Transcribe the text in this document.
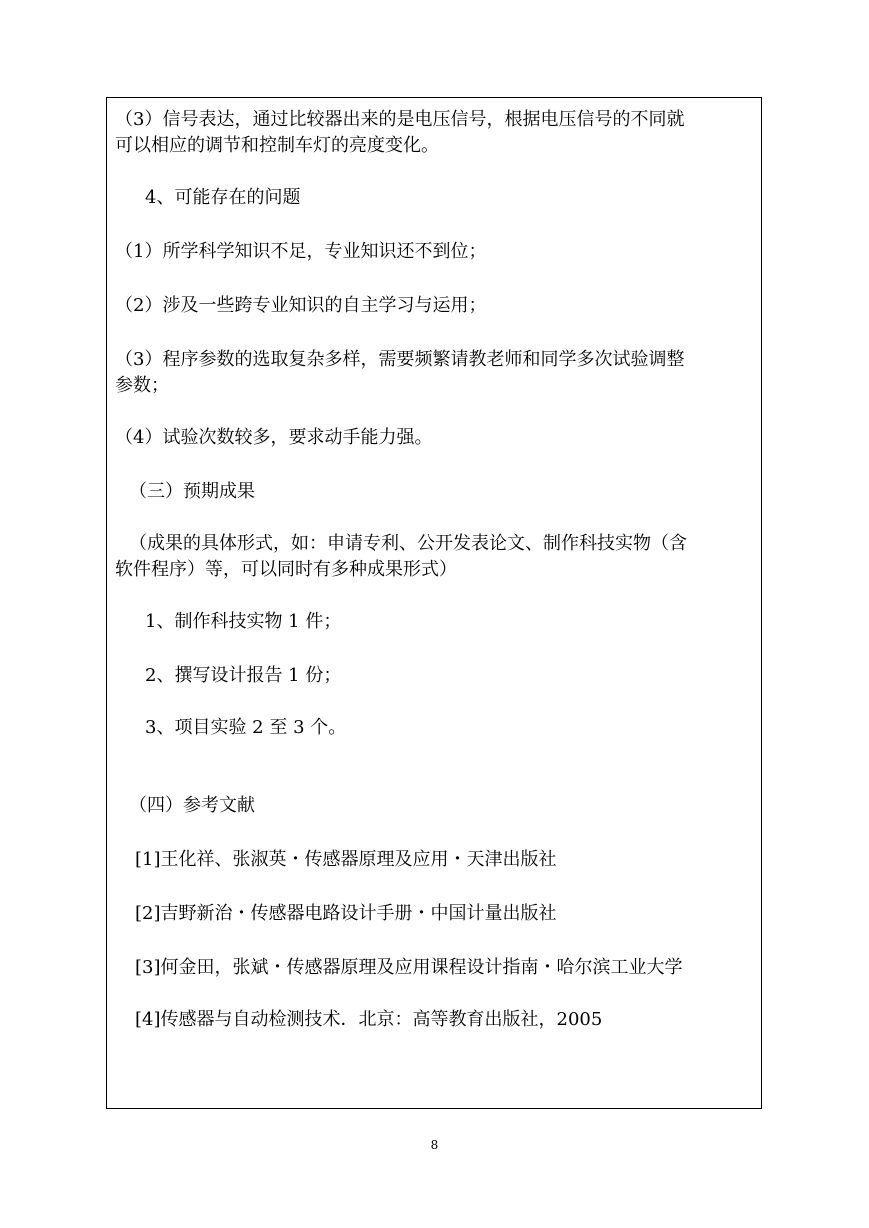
（3）信号表达，通过比较器出来的是电压信号，根据电压信号的不同就
可以相应的调节和控制车灯的亮度变化。
4、可能存在的问题
（1）所学科学知识不足，专业知识还不到位；
（2）涉及一些跨专业知识的自主学习与运用；
（3）程序参数的选取复杂多样，需要频繁请教老师和同学多次试验调整
参数；
（4）试验次数较多，要求动手能力强。
（三）预期成果
（成果的具体形式，如：申请专利、公开发表论文、制作科技实物（含
软件程序）等，可以同时有多种成果形式）
1、制作科技实物 1 件；
2、撰写设计报告 1 份；
3、项目实验 2 至 3 个。
（四）参考文献
[1]王化祥、张淑英・传感器原理及应用・天津出版社
[2]吉野新治・传感器电路设计手册・中国计量出版社
[3]何金田，张斌・传感器原理及应用课程设计指南・哈尔滨工业大学
[4]传感器与自动检测技术．北京：高等教育出版社，2005
8
